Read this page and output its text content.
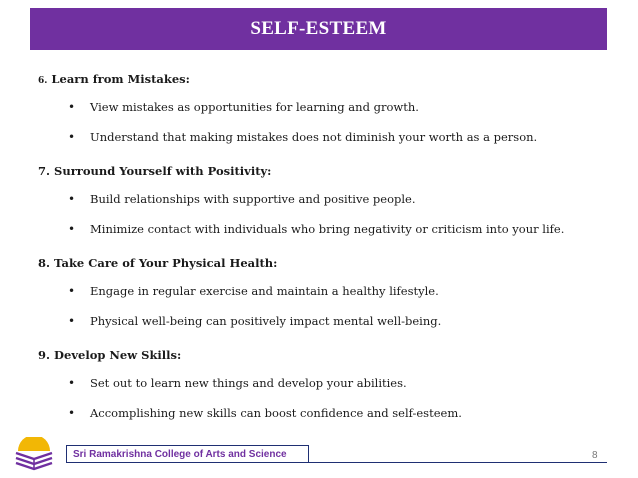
SELF-ESTEEM

6. Learn from Mistakes:

• View mistakes as opportunities for learning and growth.
• Understand that making mistakes does not diminish your worth as a person.

7. Surround Yourself with Positivity:

• Build relationships with supportive and positive people.
• Minimize contact with individuals who bring negativity or criticism into your life.

8. Take Care of Your Physical Health:

• Engage in regular exercise and maintain a healthy lifestyle.
• Physical well-being can positively impact mental well-being.

9. Develop New Skills:

• Set out to learn new things and develop your abilities.
• Accomplishing new skills can boost confidence and self-esteem.
Sri Ramakrishna College of Arts and Science	8
